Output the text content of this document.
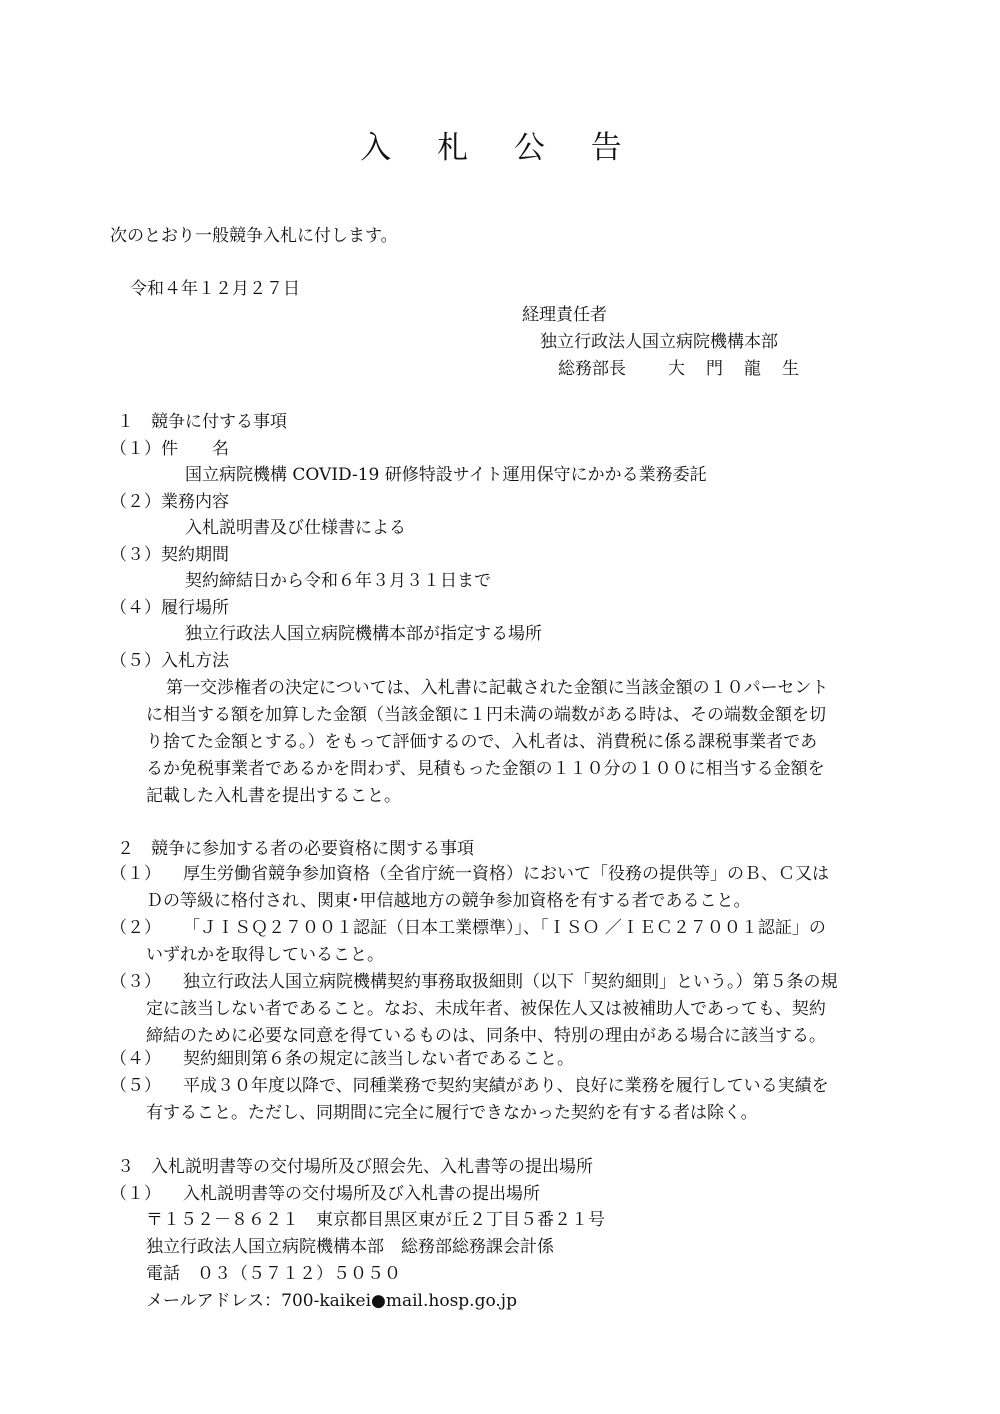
入 札 公 告
次のとおり一般競争入札に付します。
令和４年１２月２７日
経理責任者
独立行政法人国立病院機構本部
総務部長 大　門　龍　生
１　競争に付する事項
（１）件　　名
国立病院機構 COVID-19 研修特設サイト運用保守にかかる業務委託
（２）業務内容
入札説明書及び仕様書による
（３）契約期間
契約締結日から令和６年３月３１日まで
（４）履行場所
独立行政法人国立病院機構本部が指定する場所
（５）入札方法
第一交渉権者の決定については、入札書に記載された金額に当該金額の１０パーセント
に相当する額を加算した金額（当該金額に１円未満の端数がある時は、その端数金額を切
り捨てた金額とする。）をもって評価するので、入札者は、消費税に係る課税事業者であ
るか免税事業者であるかを問わず、見積もった金額の１１０分の１００に相当する金額を
記載した入札書を提出すること。
２　競争に参加する者の必要資格に関する事項
（１） 厚生労働省競争参加資格（全省庁統一資格）において「役務の提供等」のＢ、Ｃ又は
Ｄの等級に格付され、関東･甲信越地方の競争参加資格を有する者であること。
（２） 「ＪＩＳＱ２７００１認証（日本工業標準）」、「ＩＳＯ ／ＩＥＣ２７００１認証」の
いずれかを取得していること。
（３） 独立行政法人国立病院機構契約事務取扱細則（以下「契約細則」という。）第５条の規
定に該当しない者であること。なお、未成年者、被保佐人又は被補助人であっても、契約
締結のために必要な同意を得ているものは、同条中、特別の理由がある場合に該当する。
（４） 契約細則第６条の規定に該当しない者であること。
（５） 平成３０年度以降で、同種業務で契約実績があり、良好に業務を履行している実績を
有すること。ただし、同期間に完全に履行できなかった契約を有する者は除く。
３　入札説明書等の交付場所及び照会先、入札書等の提出場所
（１） 入札説明書等の交付場所及び入札書の提出場所
〒１５２－８６２１　東京都目黒区東が丘２丁目５番２１号
独立行政法人国立病院機構本部　総務部総務課会計係
電話　０３（５７１２）５０５０
メールアドレス：700-kaikei●mail.hosp.go.jp
